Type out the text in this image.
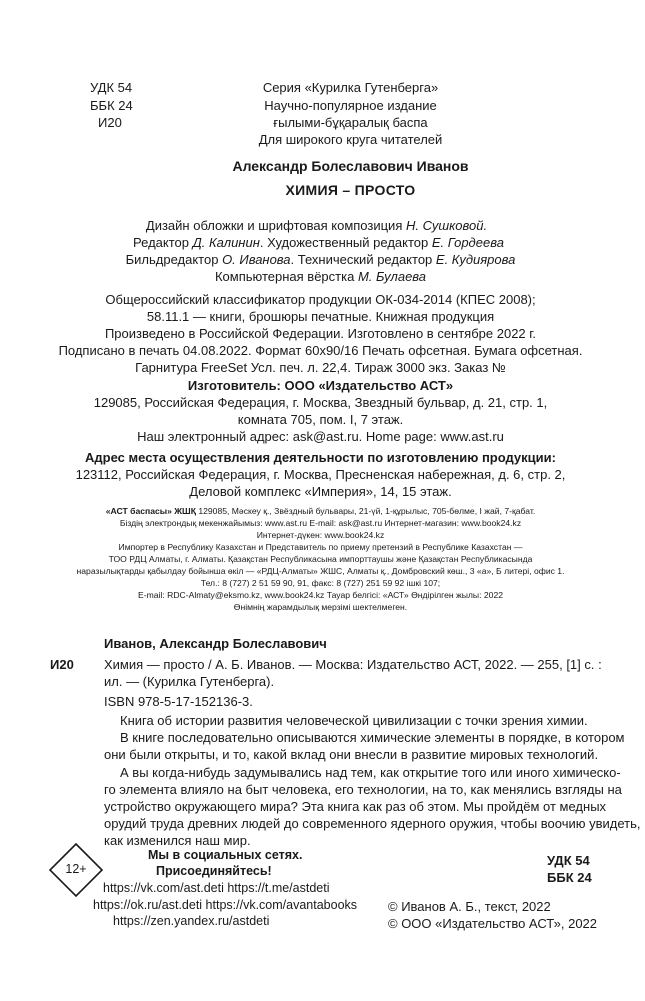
УДК 54
ББК 24
И20
Серия «Курилка Гутенберга»
Научно-популярное издание
ғылыми-бұқаралық баспа
Для широкого круга читателей
Александр Болеславович Иванов
ХИМИЯ – ПРОСТО
Дизайн обложки и шрифтовая композиция Н. Сушковой.
Редактор Д. Калинин. Художественный редактор Е. Гордеева
Бильдредактор О. Иванова. Технический редактор Е. Кудиярова
Компьютерная вёрстка М. Булаева
Общероссийский классификатор продукции ОК-034-2014 (КПЕС 2008);
58.11.1 — книги, брошюры печатные. Книжная продукция
Произведено в Российской Федерации. Изготовлено в сентябре 2022 г.
Подписано в печать 04.08.2022. Формат 60х90/16 Печать офсетная. Бумага офсетная.
Гарнитура FreeSet Усл. печ. л. 22,4. Тираж 3000 экз. Заказ №
Изготовитель: ООО «Издательство АСТ»
129085, Российская Федерация, г. Москва, Звездный бульвар, д. 21, стр. 1,
комната 705, пом. I, 7 этаж.
Наш электронный адрес: ask@ast.ru. Home page: www.ast.ru
Адрес места осуществления деятельности по изготовлению продукции:
123112, Российская Федерация, г. Москва, Пресненская набережная, д. 6, стр. 2,
Деловой комплекс «Империя», 14, 15 этаж.
«АСТ баспасы» ЖШҚ 129085, Мәскеу қ., Звёздный бульвары, 21-үй, 1-құрылыс, 705-бөлме, I жай, 7-қабат.
Біздің электрондық мекенжайымыз: www.ast.ru E-mail: ask@ast.ru Интернет-магазин: www.book24.kz
Интернет-дүкен: www.book24.kz
Импортер в Республику Казахстан и Представитель по приему претензий в Республике Казахстан —
ТОО РДЦ Алматы, г. Алматы. Қазақстан Республикасына импорттаушы және Қазақстан Республикасында
наразылықтарды қабылдау бойынша өкіл — «РДЦ-Алматы» ЖШС, Алматы қ., Домбровский көш., 3 «а», Б литері, офис 1.
Тел.: 8 (727) 2 51 59 90, 91, факс: 8 (727) 251 59 92 ішкі 107;
E-mail: RDC-Almaty@eksmo.kz, www.book24.kz Тауар белгісі: «АСТ» Өндірілген жылы: 2022
Өнімнің жарамдылық мерзімі шектелмеген.
Иванов, Александр Болеславович
И20 Химия — просто / А. Б. Иванов. — Москва: Издательство АСТ, 2022. — 255, [1] с. :
ил. — (Курилка Гутенберга).
ISBN 978-5-17-152136-3.
Книга об истории развития человеческой цивилизации с точки зрения химии.
В книге последовательно описываются химические элементы в порядке, в котором
они были открыты, и то, какой вклад они внесли в развитие мировых технологий.
А вы когда-нибудь задумывались над тем, как открытие того или иного химическо-
го элемента влияло на быт человека, его технологии, на то, как менялись взгляды на
устройство окружающего мира? Эта книга как раз об этом. Мы пройдём от медных
орудий труда древних людей до современного ядерного оружия, чтобы воочию увидеть,
как изменился наш мир.
УДК 54
ББК 24
12+
Мы в социальных сетях.
Присоединяйтесь!
https://vk.com/ast.deti https://t.me/astdeti
https://ok.ru/ast.deti https://vk.com/avantabooks
https://zen.yandex.ru/astdeti
© Иванов А. Б., текст, 2022
© ООО «Издательство АСТ», 2022
